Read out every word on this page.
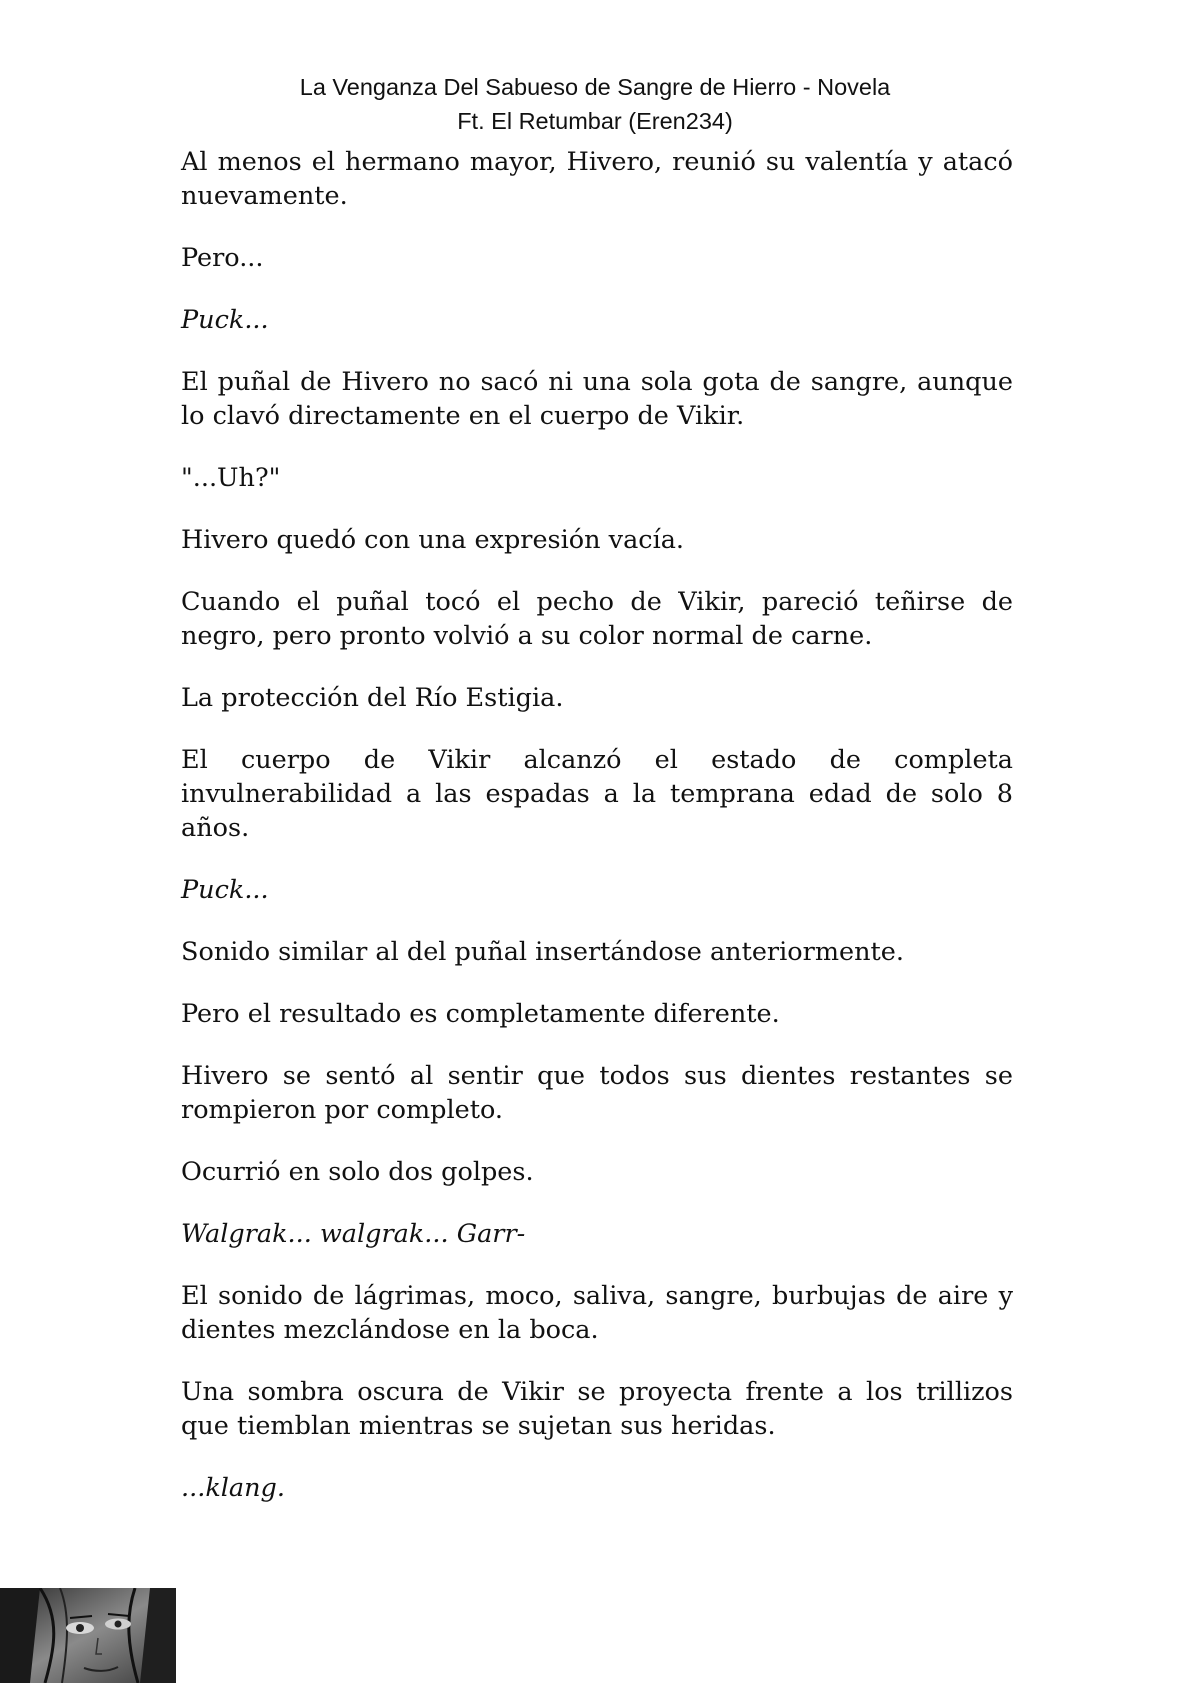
La Venganza Del Sabueso de Sangre de Hierro - Novela
Ft. El Retumbar (Eren234)

Al menos el hermano mayor, Hivero, reunió su valentía y atacó nuevamente.

Pero...

Puck...

El puñal de Hivero no sacó ni una sola gota de sangre, aunque lo clavó directamente en el cuerpo de Vikir.

"...Uh?"

Hivero quedó con una expresión vacía.

Cuando el puñal tocó el pecho de Vikir, pareció teñirse de negro, pero pronto volvió a su color normal de carne.

La protección del Río Estigia.

El cuerpo de Vikir alcanzó el estado de completa invulnerabilidad a las espadas a la temprana edad de solo 8 años.

Puck...

Sonido similar al del puñal insertándose anteriormente.

Pero el resultado es completamente diferente.

Hivero se sentó al sentir que todos sus dientes restantes se rompieron por completo.

Ocurrió en solo dos golpes.

Walgrak... walgrak... Garr-

El sonido de lágrimas, moco, saliva, sangre, burbujas de aire y dientes mezclándose en la boca.

Una sombra oscura de Vikir se proyecta frente a los trillizos que tiemblan mientras se sujetan sus heridas.

...klang.
